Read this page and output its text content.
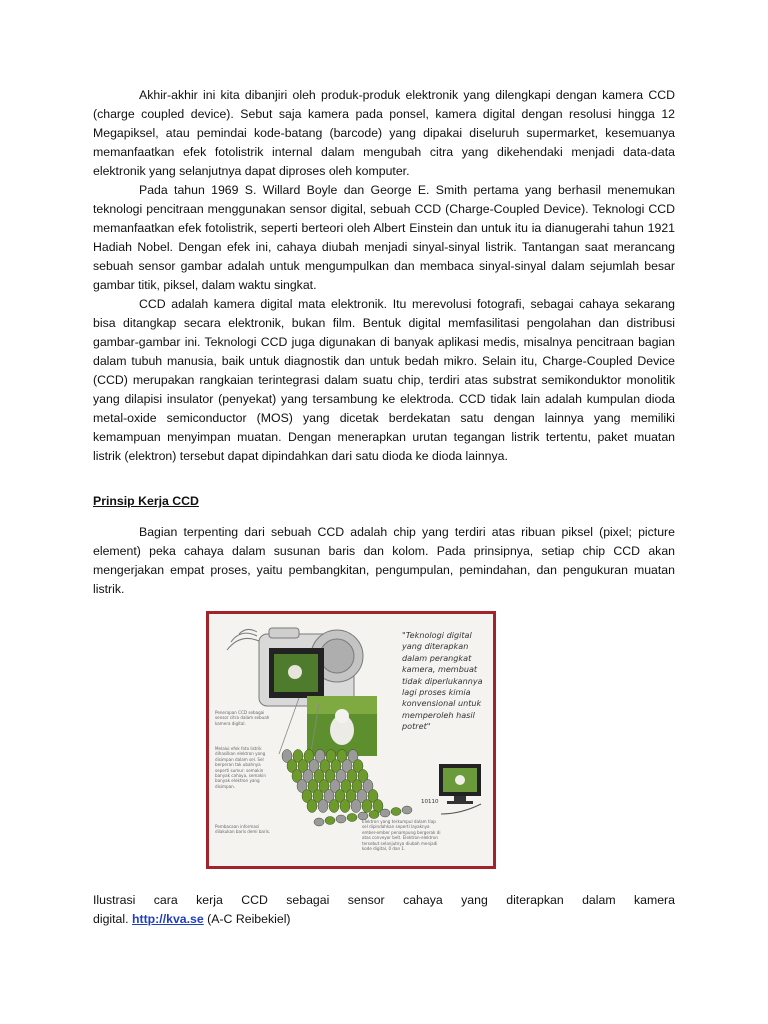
Akhir-akhir ini kita dibanjiri oleh produk-produk elektronik yang dilengkapi dengan kamera CCD (charge coupled device). Sebut saja kamera pada ponsel, kamera digital dengan resolusi hingga 12 Megapiksel, atau pemindai kode-batang (barcode) yang dipakai diseluruh supermarket, kesemuanya memanfaatkan efek fotolistrik internal dalam mengubah citra yang dikehendaki menjadi data-data elektronik yang selanjutnya dapat diproses oleh komputer.

Pada tahun 1969 S. Willard Boyle dan George E. Smith pertama yang berhasil menemukan teknologi pencitraan menggunakan sensor digital, sebuah CCD (Charge-Coupled Device). Teknologi CCD memanfaatkan efek fotolistrik, seperti berteori oleh Albert Einstein dan untuk itu ia dianugerahi tahun 1921 Hadiah Nobel. Dengan efek ini, cahaya diubah menjadi sinyal-sinyal listrik. Tantangan saat merancang sebuah sensor gambar adalah untuk mengumpulkan dan membaca sinyal-sinyal dalam sejumlah besar gambar titik, piksel, dalam waktu singkat.

CCD adalah kamera digital mata elektronik. Itu merevolusi fotografi, sebagai cahaya sekarang bisa ditangkap secara elektronik, bukan film. Bentuk digital memfasilitasi pengolahan dan distribusi gambar-gambar ini. Teknologi CCD juga digunakan di banyak aplikasi medis, misalnya pencitraan bagian dalam tubuh manusia, baik untuk diagnostik dan untuk bedah mikro. Selain itu, Charge-Coupled Device (CCD) merupakan rangkaian terintegrasi dalam suatu chip, terdiri atas substrat semikonduktor monolitik yang dilapisi insulator (penyekat) yang tersambung ke elektroda. CCD tidak lain adalah kumpulan dioda metal-oxide semiconductor (MOS) yang dicetak berdekatan satu dengan lainnya yang memiliki kemampuan menyimpan muatan. Dengan menerapkan urutan tegangan listrik tertentu, paket muatan listrik (elektron) tersebut dapat dipindahkan dari satu dioda ke dioda lainnya.

Prinsip Kerja CCD

Bagian terpenting dari sebuah CCD adalah chip yang terdiri atas ribuan piksel (pixel; picture element) peka cahaya dalam susunan baris dan kolom. Pada prinsipnya, setiap chip CCD akan mengerjakan empat proses, yaitu pembangkitan, pengumpulan, pemindahan, dan pengukuran muatan listrik.

"Teknologi digital yang diterapkan dalam perangkat kamera, membuat tidak diperlukannya lagi proses kimia konvensional untuk memperoleh hasil potret"
Penerapan CCD sebagai sensor citra dalam sebuah kamera digital.
Melalui efek foto listrik dihasilkan elektron yang disimpan dalam sel. Sel berperan tak ubahnya seperti sumur: semakin banyak cahaya, semakin banyak elektron yang disimpan.
Pembacaan informasi dilakukan baris demi baris.
Elektron yang terkumpul dalam tiap sel dipindahkan seperti layaknya ember-ember penampung bergerak di atas conveyor belt. Elektron-elektron tersebut selanjutnya diubah menjadi kode digital, 0 dan 1.
10110

Ilustrasi cara kerja CCD sebagai sensor cahaya yang diterapkan dalam kamera

digital. http://kva.se (A-C Reibekiel)
